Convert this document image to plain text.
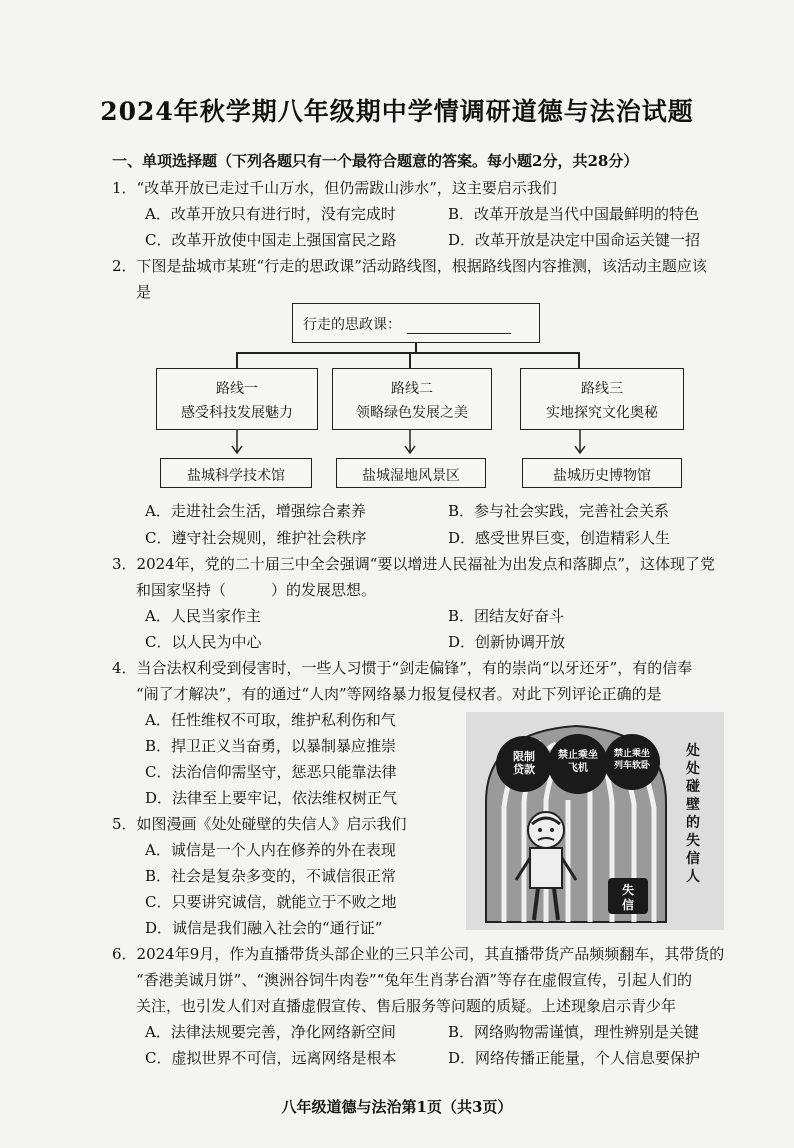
2024年秋学期八年级期中学情调研道德与法治试题
一、单项选择题（下列各题只有一个最符合题意的答案。每小题2分，共28分）
1．“改革开放已走过千山万水，但仍需跋山涉水”，这主要启示我们
A．改革开放只有进行时，没有完成时	B．改革开放是当代中国最鲜明的特色
C．改革开放使中国走上强国富民之路	D．改革开放是决定中国命运关键一招
2．下图是盐城市某班“行走的思政课”活动路线图，根据路线图内容推测，该活动主题应该
是
行走的思政课：
路线一
感受科技发展魅力
路线二
领略绿色发展之美
路线三
实地探究文化奥秘
盐城科学技术馆	盐城湿地风景区	盐城历史博物馆
A．走进社会生活，增强综合素养	B．参与社会实践，完善社会关系
C．遵守社会规则，维护社会秩序	D．感受世界巨变，创造精彩人生
3．2024年，党的二十届三中全会强调“要以增进人民福祉为出发点和落脚点”，这体现了党
和国家坚持（　　　）的发展思想。
A．人民当家作主	B．团结友好奋斗
C．以人民为中心	D．创新协调开放
4．当合法权利受到侵害时，一些人习惯于“剑走偏锋”，有的崇尚“以牙还牙”，有的信奉
“闹了才解决”，有的通过“人肉”等网络暴力报复侵权者。对此下列评论正确的是
A．任性维权不可取，维护私利伤和气
B．捍卫正义当奋勇，以暴制暴应推崇
C．法治信仰需坚守，惩恶只能靠法律
D．法律至上要牢记，依法维权树正气
5．如图漫画《处处碰壁的失信人》启示我们
A．诚信是一个人内在修养的外在表现
B．社会是复杂多变的，不诚信很正常
C．只要讲究诚信，就能立于不败之地
D．诚信是我们融入社会的“通行证”
限制
贷款
禁止乘坐
飞机
禁止乘坐
列车软卧
失
信
处处碰壁的失信人
6．2024年9月，作为直播带货头部企业的三只羊公司，其直播带货产品频频翻车，其带货的
“香港美诚月饼”、“澳洲谷饲牛肉卷”“兔年生肖茅台酒”等存在虚假宣传，引起人们的
关注，也引发人们对直播虚假宣传、售后服务等问题的质疑。上述现象启示青少年
A．法律法规要完善，净化网络新空间	B．网络购物需谨慎，理性辨别是关键
C．虚拟世界不可信，远离网络是根本	D．网络传播正能量，个人信息要保护
八年级道德与法治第1页（共3页）
